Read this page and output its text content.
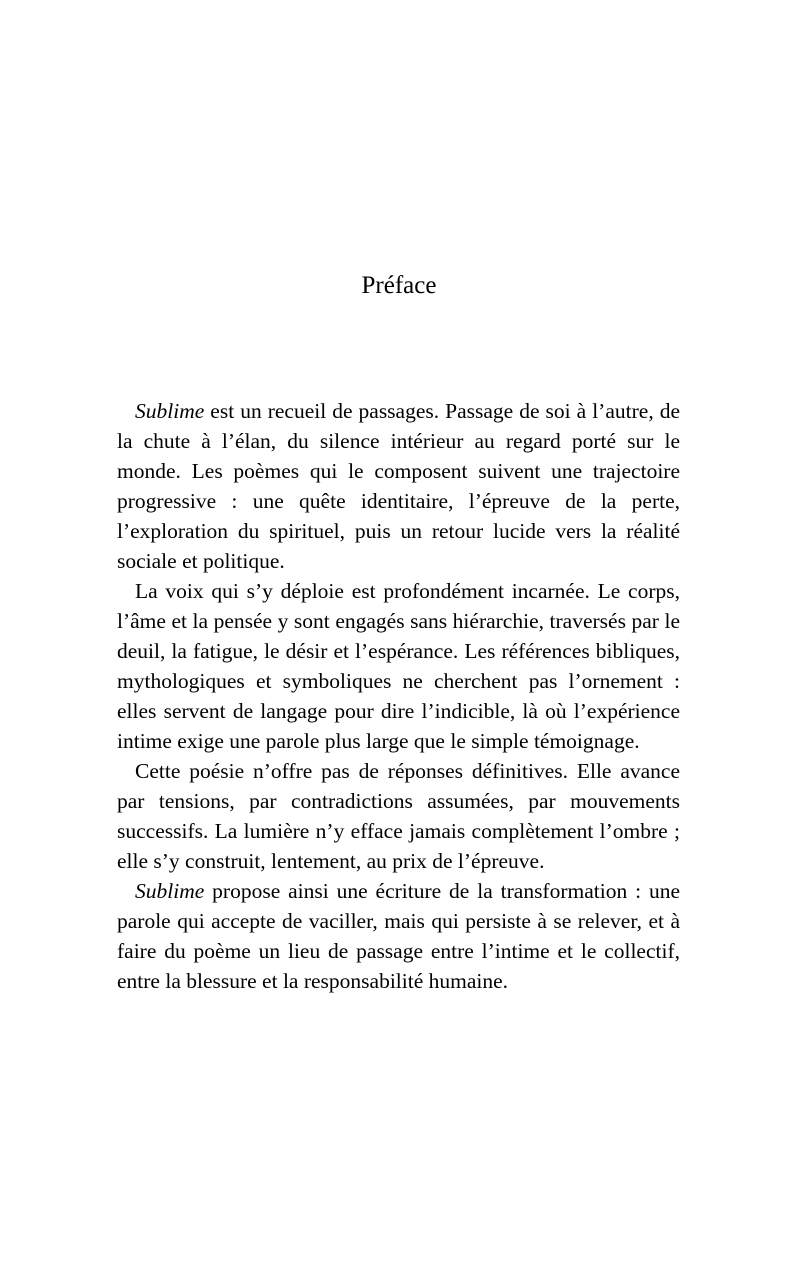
Préface

Sublime est un recueil de passages. Passage de soi à l’autre, de la chute à l’élan, du silence intérieur au regard porté sur le monde. Les poèmes qui le composent suivent une trajectoire progressive : une quête identitaire, l’épreuve de la perte, l’exploration du spirituel, puis un retour lucide vers la réalité sociale et politique.

La voix qui s’y déploie est profondément incarnée. Le corps, l’âme et la pensée y sont engagés sans hiérarchie, traversés par le deuil, la fatigue, le désir et l’espérance. Les références bibliques, mythologiques et symboliques ne cherchent pas l’ornement : elles servent de langage pour dire l’indicible, là où l’expérience intime exige une parole plus large que le simple témoignage.

Cette poésie n’offre pas de réponses définitives. Elle avance par tensions, par contradictions assumées, par mouvements successifs. La lumière n’y efface jamais complètement l’ombre ; elle s’y construit, lentement, au prix de l’épreuve.

Sublime propose ainsi une écriture de la transformation : une parole qui accepte de vaciller, mais qui persiste à se relever, et à faire du poème un lieu de passage entre l’intime et le collectif, entre la blessure et la responsabilité humaine.
